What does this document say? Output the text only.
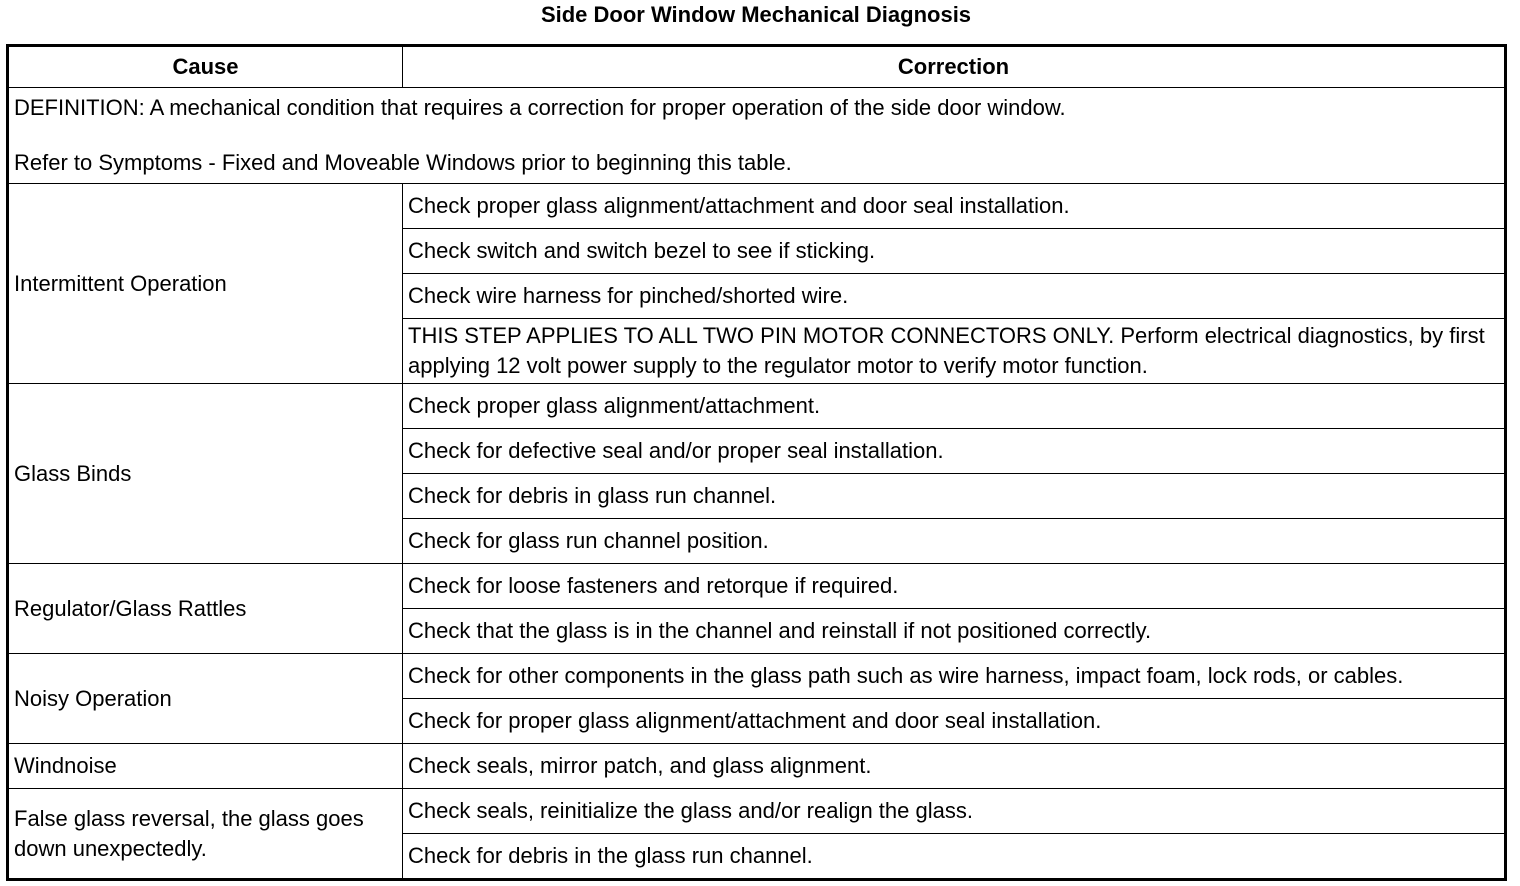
Side Door Window Mechanical Diagnosis
Cause	Correction

DEFINITION: A mechanical condition that requires a correction for proper operation of the side door window.

Refer to Symptoms - Fixed and Moveable Windows prior to beginning this table.	

Intermittent Operation	Check proper glass alignment/attachment and door seal installation.
	Check switch and switch bezel to see if sticking.
	Check wire harness for pinched/shorted wire.
	THIS STEP APPLIES TO ALL TWO PIN MOTOR CONNECTORS ONLY. Perform electrical diagnostics, by first applying 12 volt power supply to the regulator motor to verify motor function.
Glass Binds	Check proper glass alignment/attachment.
	Check for defective seal and/or proper seal installation.
	Check for debris in glass run channel.
	Check for glass run channel position.
Regulator/Glass Rattles	Check for loose fasteners and retorque if required.
	Check that the glass is in the channel and reinstall if not positioned correctly.
Noisy Operation	Check for other components in the glass path such as wire harness, impact foam, lock rods, or cables.
	Check for proper glass alignment/attachment and door seal installation.
Windnoise	Check seals, mirror patch, and glass alignment.
False glass reversal, the glass goes down unexpectedly.	Check seals, reinitialize the glass and/or realign the glass.
	Check for debris in the glass run channel.
